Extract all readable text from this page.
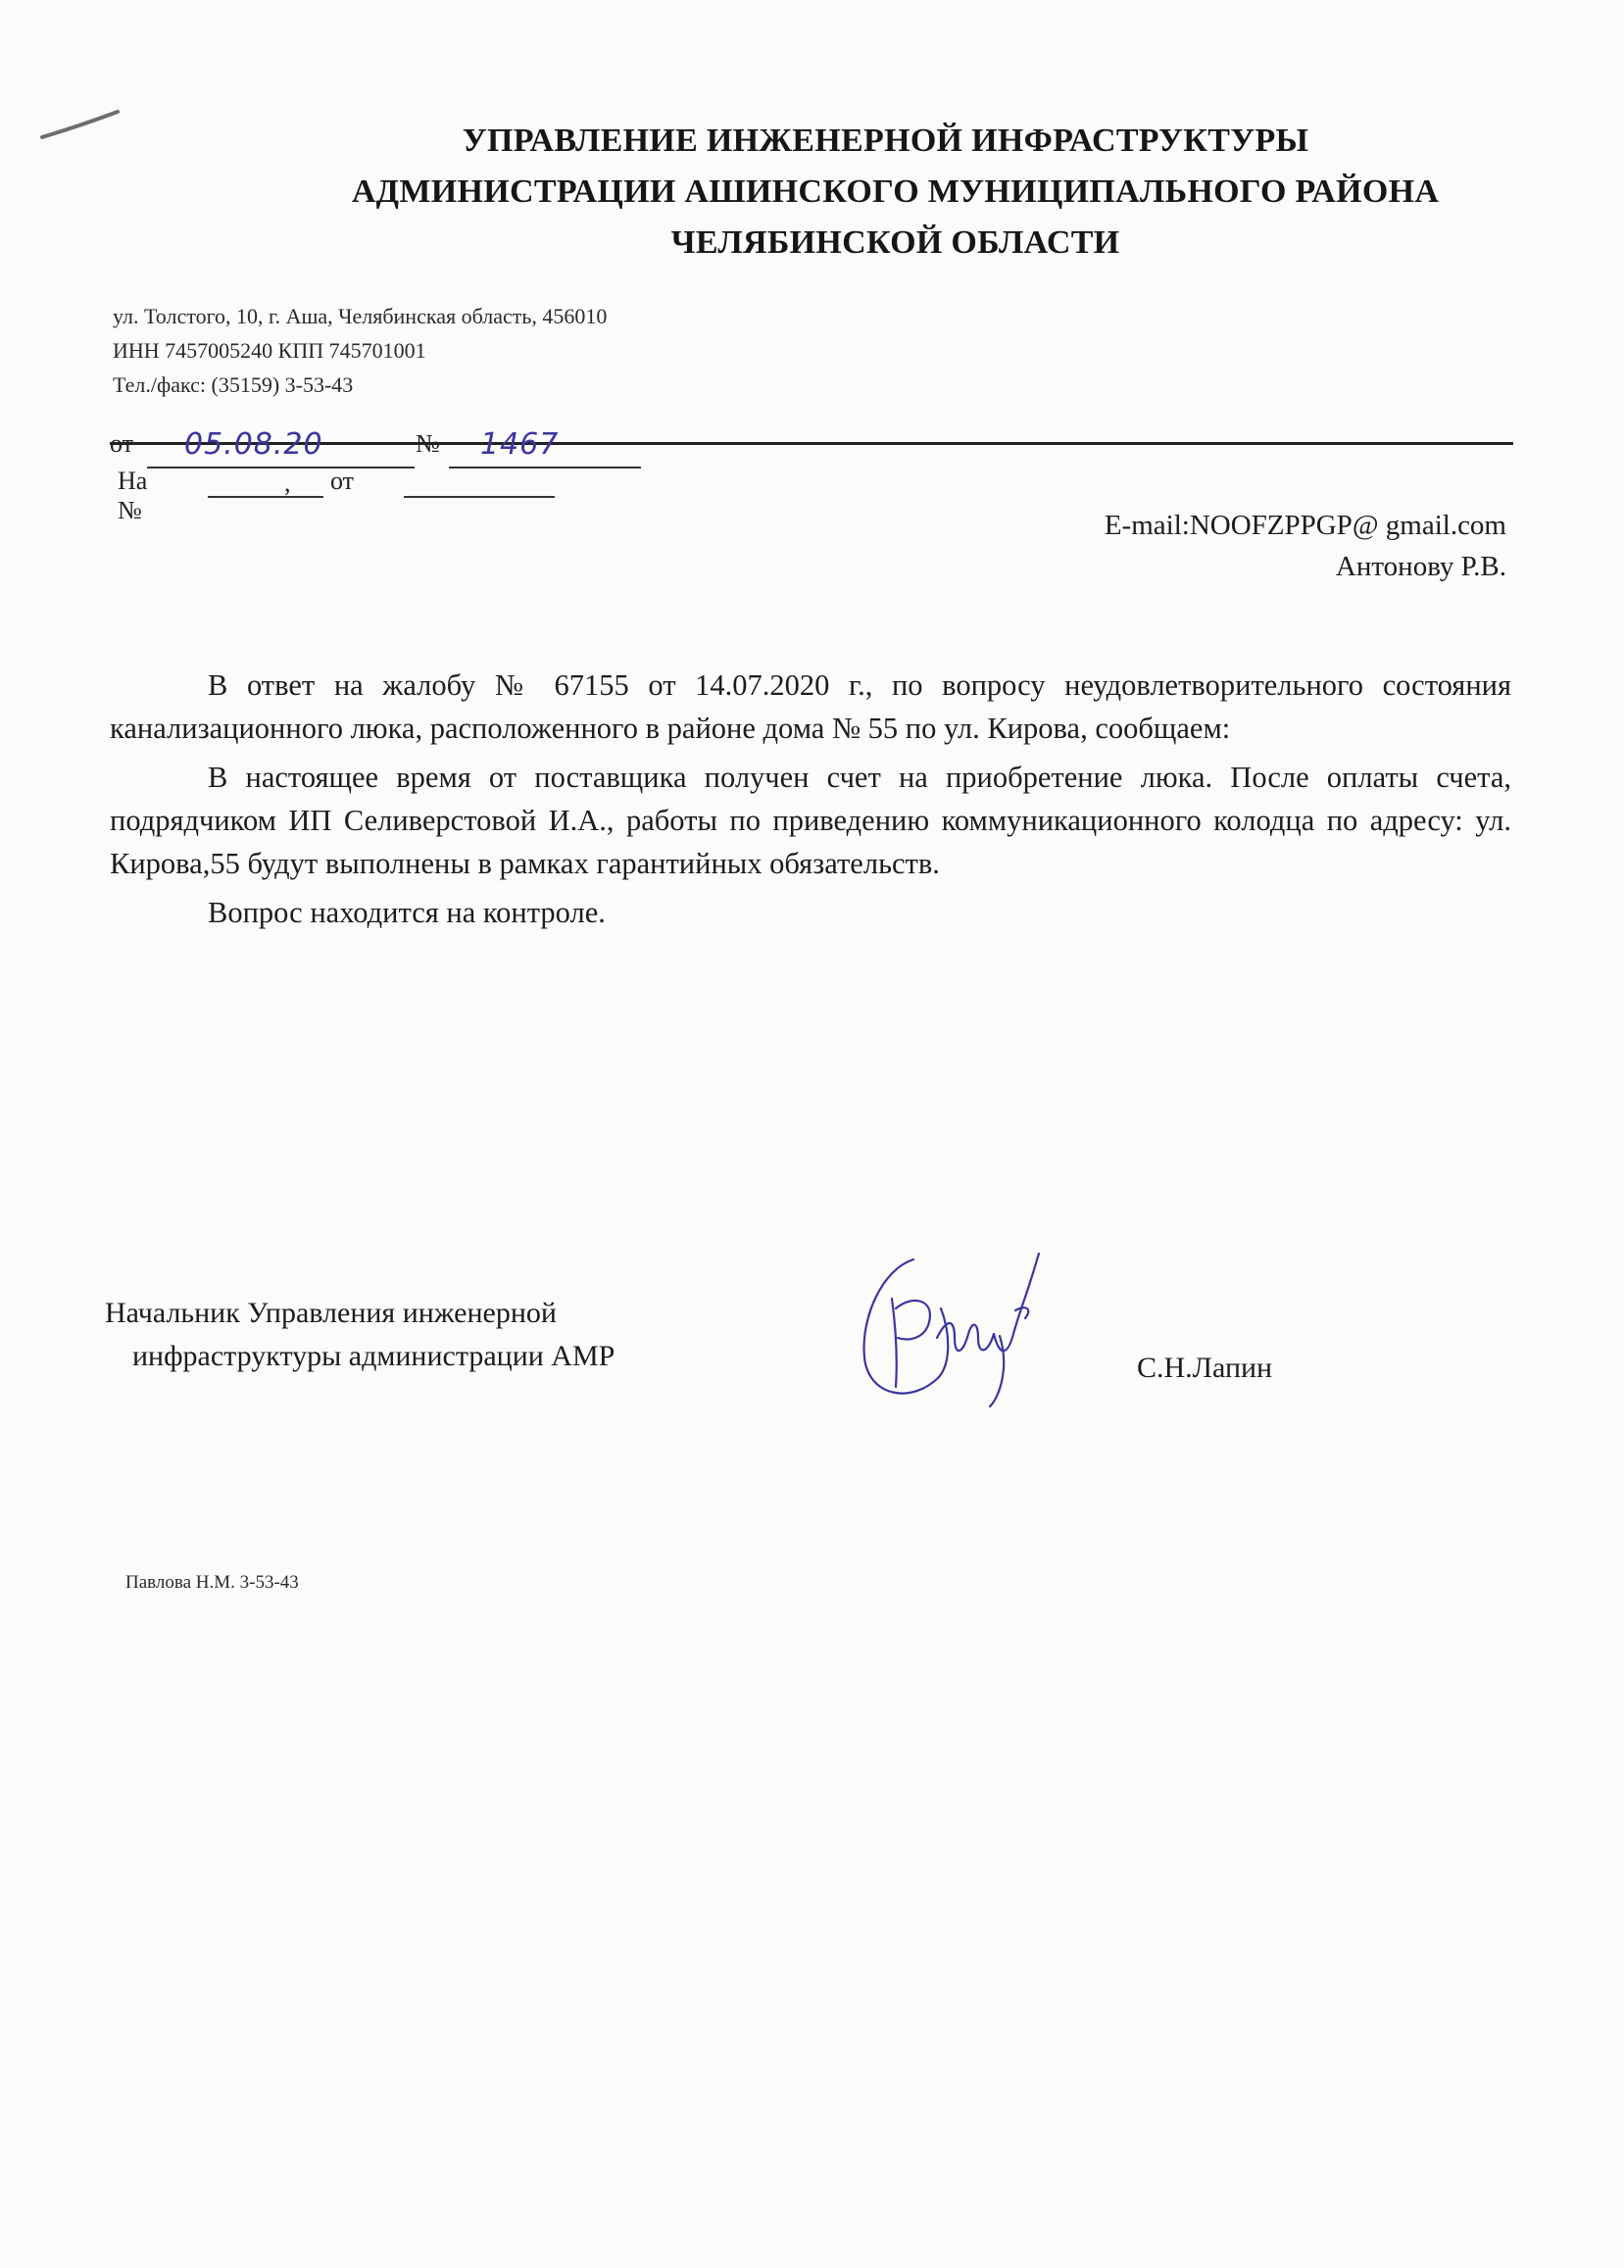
УПРАВЛЕНИЕ ИНЖЕНЕРНОЙ ИНФРАСТРУКТУРЫ
АДМИНИСТРАЦИИ АШИНСКОГО МУНИЦИПАЛЬНОГО РАЙОНА
ЧЕЛЯБИНСКОЙ ОБЛАСТИ
ул. Толстого, 10, г. Аша, Челябинская область, 456010
ИНН 7457005240 КПП 745701001
Тел./факс: (35159) 3-53-43
от 05.08.20	№ 1467
На №
, от
E-mail:NOOFZPPGP@ gmail.com
Антонову Р.В.

В ответ на жалобу № 67155 от 14.07.2020 г., по вопросу неудовлетворительного состояния канализационного люка, расположенного в районе дома № 55 по ул. Кирова, сообщаем:

В настоящее время от поставщика получен счет на приобретение люка. После оплаты счета, подрядчиком ИП Селиверстовой И.А., работы по приведению коммуникационного колодца по адресу: ул. Кирова,55 будут выполнены в рамках гарантийных обязательств.

Вопрос находится на контроле.

Начальник Управления инженерной
инфраструктуры администрации АМР	С.Н.Лапин
Павлова Н.М. 3-53-43
